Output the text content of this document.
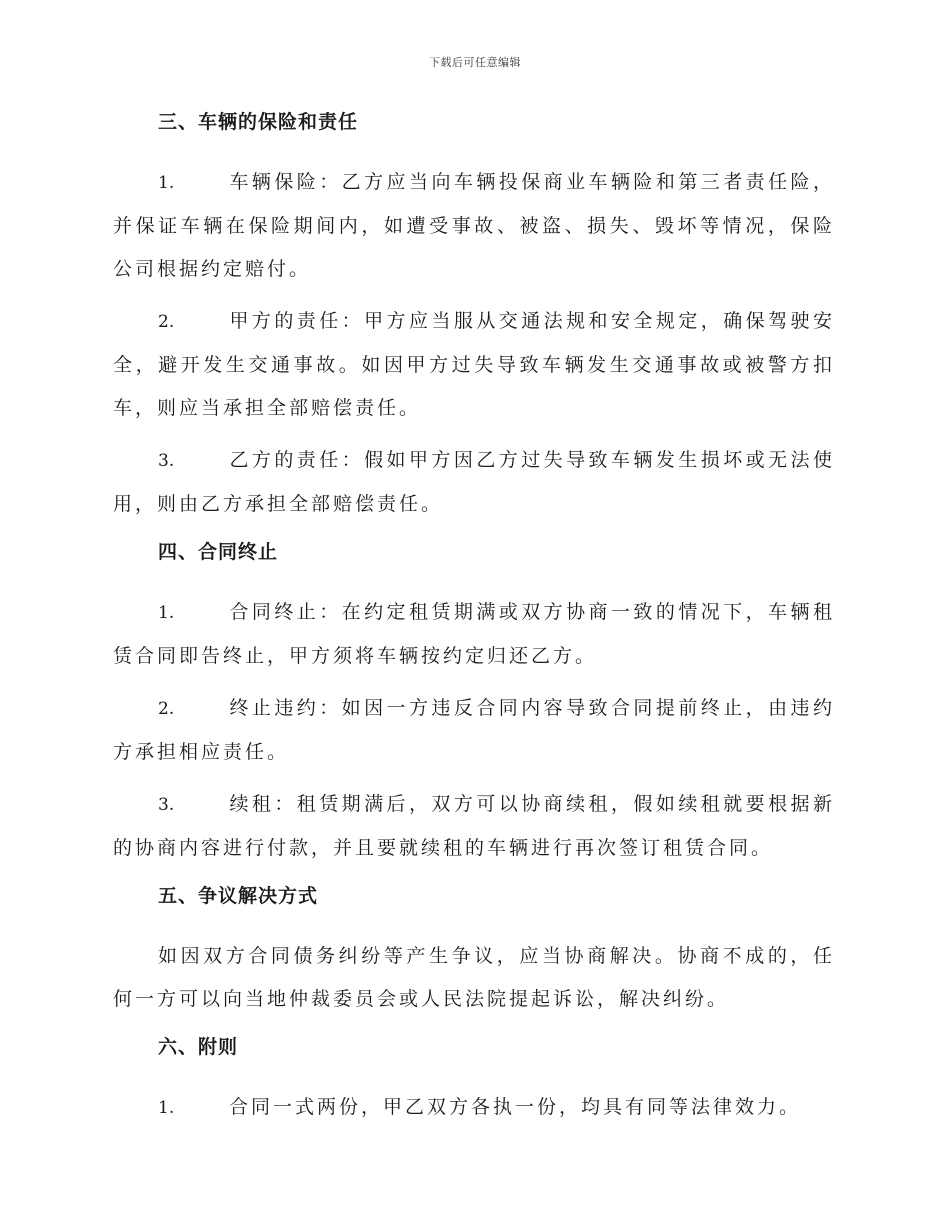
下载后可任意编辑
三、车辆的保险和责任

1.	车辆保险：乙方应当向车辆投保商业车辆险和第三者责任险，并保证车辆在保险期间内，如遭受事故、被盗、损失、毁坏等情况，保险公司根据约定赔付。

2.	甲方的责任：甲方应当服从交通法规和安全规定，确保驾驶安全，避开发生交通事故。如因甲方过失导致车辆发生交通事故或被警方扣车，则应当承担全部赔偿责任。

3.	乙方的责任：假如甲方因乙方过失导致车辆发生损坏或无法使用，则由乙方承担全部赔偿责任。

四、合同终止

1.	合同终止：在约定租赁期满或双方协商一致的情况下，车辆租赁合同即告终止，甲方须将车辆按约定归还乙方。

2.	终止违约：如因一方违反合同内容导致合同提前终止，由违约方承担相应责任。

3.	续租：租赁期满后，双方可以协商续租，假如续租就要根据新的协商内容进行付款，并且要就续租的车辆进行再次签订租赁合同。

五、争议解决方式

如因双方合同债务纠纷等产生争议，应当协商解决。协商不成的，任何一方可以向当地仲裁委员会或人民法院提起诉讼，解决纠纷。

六、附则

1.	合同一式两份，甲乙双方各执一份，均具有同等法律效力。
